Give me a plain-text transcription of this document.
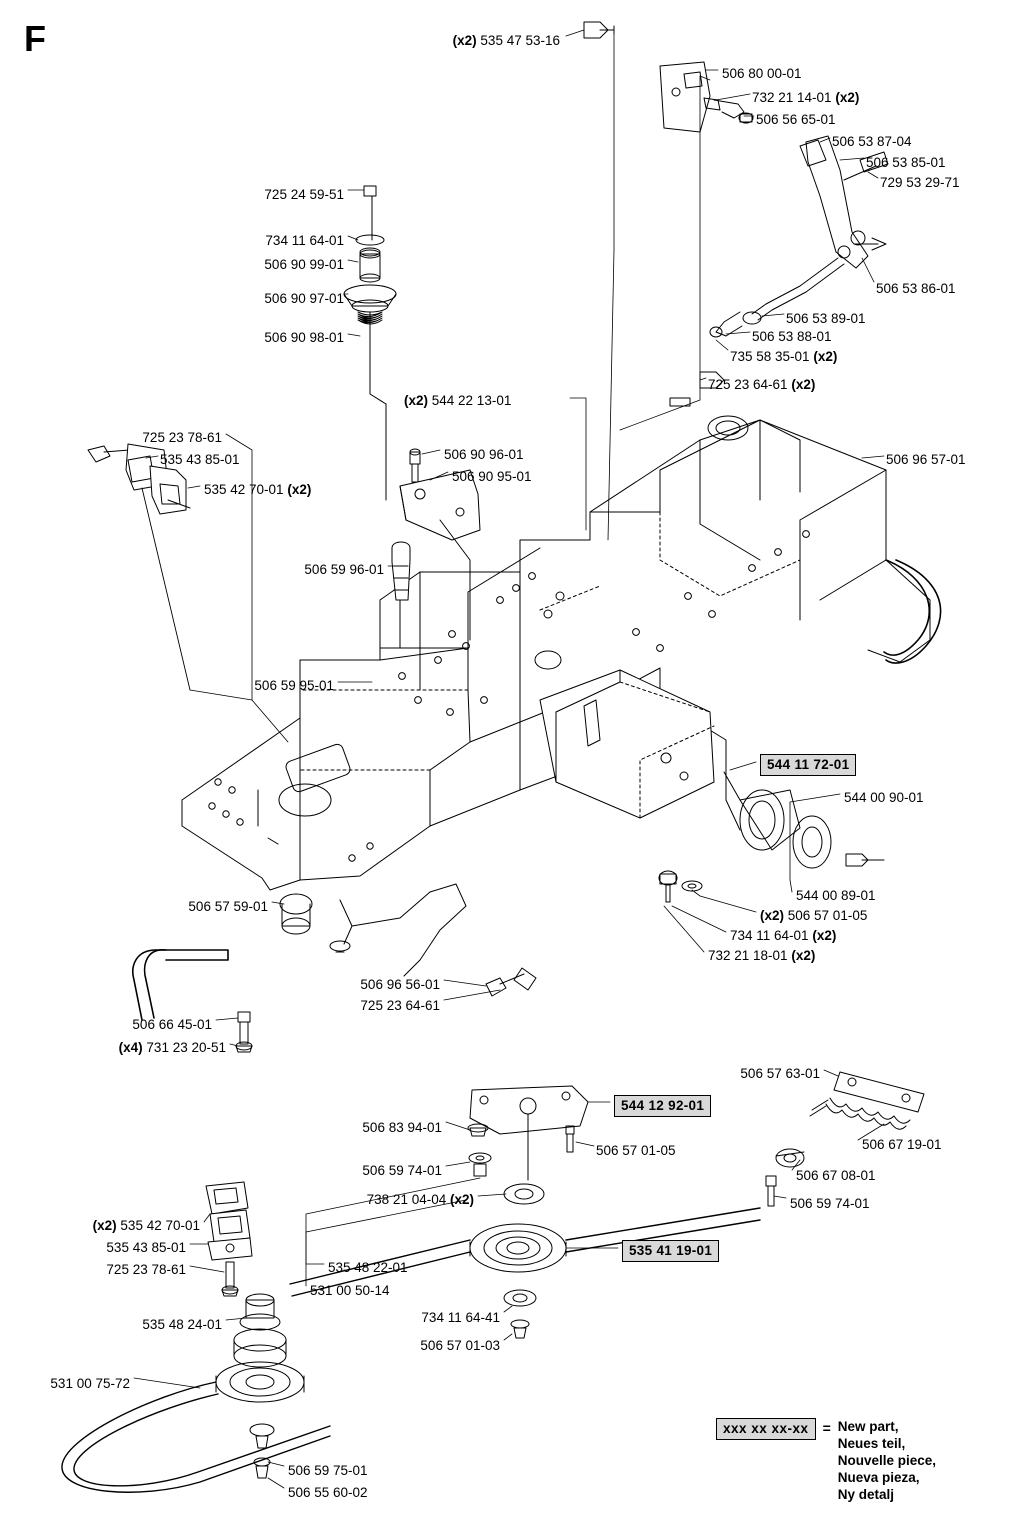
F	(x2) 535 47 53-16
506 80 00-01
732 21 14-01 (x2)
506 56 65-01
506 53 87-04
506 53 85-01
729 53 29-71
506 53 86-01
506 53 89-01
506 53 88-01
735 58 35-01 (x2)
725 23 64-61 (x2)
725 24 59-51
734 11 64-01
506 90 99-01
506 90 97-01
506 90 98-01
(x2) 544 22 13-01
506 96 57-01
506 90 96-01
506 90 95-01
725 23 78-61
535 43 85-01
535 42 70-01 (x2)
506 59 96-01
506 59 95-01
544 11 72-01
544 00 90-01
544 00 89-01
(x2) 506 57 01-05
734 11 64-01 (x2)
732 21 18-01 (x2)
506 57 59-01
506 96 56-01
725 23 64-61
506 66 45-01
(x4) 731 23 20-51
506 57 63-01
544 12 92-01
506 83 94-01
506 57 01-05	506 67 19-01
506 59 74-01	506 67 08-01
506 59 74-01
738 21 04-04 (x2)
(x2) 535 42 70-01
535 43 85-01	535 41 19-01
535 48 22-01
531 00 50-14
725 23 78-61
734 11 64-41
506 57 01-03
535 48 24-01
531 00 75-72
506 59 75-01
506 55 60-02
xxx xx xx-xx	= New part,
Neues teil,
Nouvelle piece,
Nueva pieza,
Ny detalj
